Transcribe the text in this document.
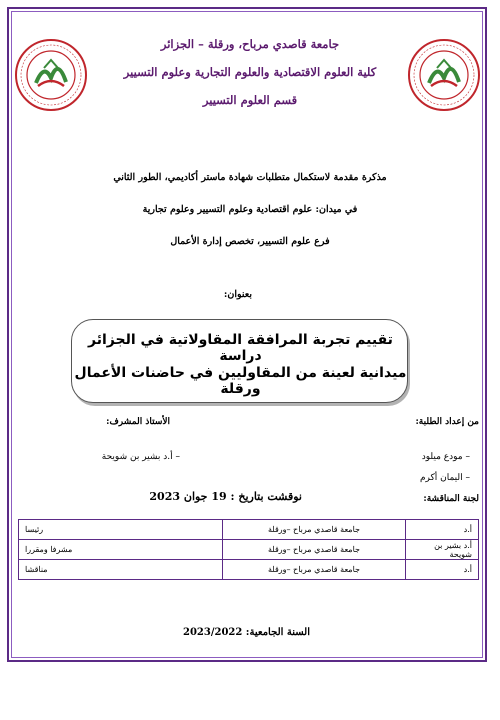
جامعة قاصدي مرباح، ورقلة – الجزائر
كلية العلوم الاقتصادية والعلوم التجارية وعلوم التسيير
قسم العلوم التسيير
مذكرة مقدمة لاستكمال متطلبات شهادة ماستر أكاديمي، الطور الثاني
في ميدان: علوم اقتصادية وعلوم التسيير وعلوم تجارية
فرع علوم التسيير، تخصص إدارة الأعمال
بعنوان:
تقييم تجربة المرافقة المقاولاتية في الجزائر دراسة
ميدانية لعينة من المقاوليين في حاضنات الأعمال ورقلة
من إعداد الطلبة:
الأستاذ المشرف:
– مودع ميلود
– اليمان أكرم
– أ.د بشير بن شويحة
لجنة المناقشة:
نوقشت بتاريخ : 19 جوان 2023
أ.د	جامعة قاصدي مرباح –ورقلة	رئيسا

أ.د بشير بن شويحة	جامعة قاصدي مرباح –ورقلة	مشرفا ومقررا

أ.د	جامعة قاصدي مرباح –ورقلة	مناقشا
السنة الجامعية: 2023/2022
